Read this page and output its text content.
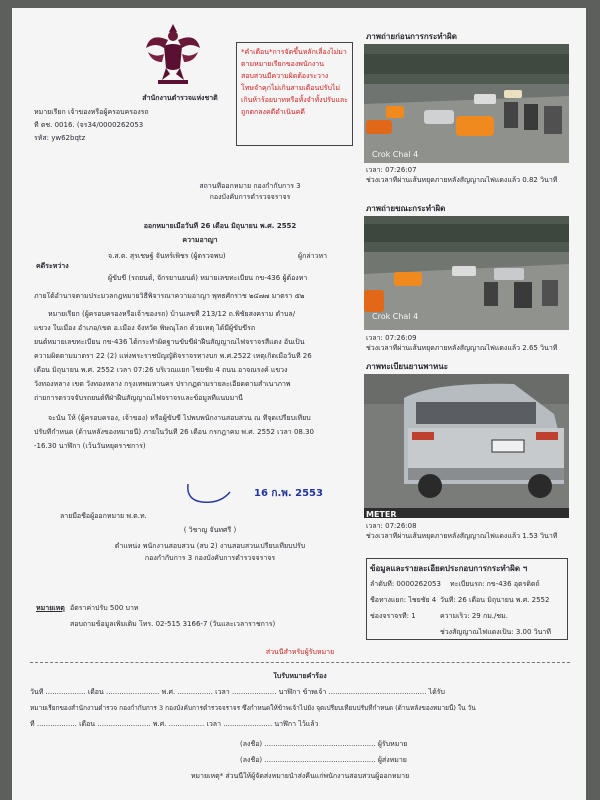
สำนักงานตำรวจแห่งชาติ
หมายเรียก เจ้าของหรือผู้ครอบครองรถ
ที่ ตช. 0016. (จร34/0000262053
รหัส: yw62bqtz
*คำเตือน*การจัดขึ้นหลักเลื่องไม่มาตามหมายเรียกของพนักงานสอบสวนมีความผิดต้องระวางโทษจำคุกไม่เกินสามเดือนปรับไม่เกินห้าร้อยบาทหรือทั้งจำทั้งปรับและถูกตกลงคดีดำเนินคดี
ภาพถ่ายก่อนการกระทำผิด
Crok Chal 4
เวลา: 07:26:07
ช่วงเวลาที่ผ่านเส้นหยุดภายหลังสัญญาณไฟแดงแล้ว 0.82 วินาที
ภาพถ่ายขณะกระทำผิด
Crok Chal 4
เวลา: 07:26:09
ช่วงเวลาที่ผ่านเส้นหยุดภายหลังสัญญาณไฟแดงแล้ว 2.65 วินาที
ภาพทะเบียนยานพาหนะ
METER
เวลา: 07:26:08
ช่วงเวลาที่ผ่านเส้นหยุดภายหลังสัญญาณไฟแดงแล้ว 1.53 วินาที
สถานที่ออกหมาย กองกำกับการ 3
กองบังคับการตำรวจจราจร
ออกหมายเมื่อวันที่ 26 เดือน มิถุนายน พ.ศ. 2552
ความอาญา
คดีระหว่าง
จ.ส.ต. สุรเชษฐ์ จันทร์เพ็ชร (ผู้ตรวจพบ)	ผู้กล่าวหา
ผู้ขับขี่ (รถยนต์, จักรยานยนต์) หมายเลขทะเบียน กข-436 ผู้ต้องหา
ภายใต้อำนาจตามประมวลกฎหมายวิธีพิจารณาความอาญา พุทธศักราช ๒๔๗๗ มาตรา ๕๒
หมายเรียก (ผู้ครอบครองหรือเจ้าของรถ) บ้านเลขที่ 213/12 ถ.พิชัยสงคราม ตำบล/
แขวง ในเมือง อำเภอ/เขต อ.เมือง จังหวัด พิษณุโลก ด้วยเหตุ ได้มีผู้ขับขี่รถ
ยนต์หมายเลขทะเบียน กข-436 ได้กระทำผิดฐานขับขี่ฝ่าฝืนสัญญาณไฟจราจรสีแดง อันเป็น
ความผิดตามมาตรา 22 (2) แห่งพระราชบัญญัติจราจรทางบก พ.ศ.2522 เหตุเกิดเมื่อวันที่ 26
เดือน มิถุนายน พ.ศ. 2552 เวลา 07:26 บริเวณแยก ไชยชัย 4 ถนน อาจณรงค์ แขวง
วังทองหลาง เขต วังทองหลาง กรุงเทพมหานคร ปรากฏตามรายละเอียดตามสำเนาภาพ
ถ่ายการตรวจจับรถยนต์ที่ฝ่าฝืนสัญญาณไฟจราจรและข้อมูลที่แนบมานี้
จะนั้น ให้ (ผู้ครอบครอง, เจ้าของ) หรือผู้ขับขี่ ไปพบพนักงานสอบสวน ณ ที่จุดเปรียบเทียบ
ปรับที่กำหนด (ด้านหลังของหมายนี้) ภายในวันที่ 26 เดือน กรกฎาคม พ.ศ. 2552 เวลา 08.30
-16.30 นาฬิกา (เว้นวันหยุดราชการ)
16 ก.พ. 2553
ลายมือชื่อผู้ออกหมาย พ.ต.ท.
( วิชาญ จันทศรี )
ตำแหน่ง พนักงานสอบสวน (สบ 2) งานสอบสวนเปรียบเทียบปรับ
กองกำกับการ 3 กองบังคับการตำรวจจราจร
หมายเหตุ อัตราค่าปรับ 500 บาท
สอบถามข้อมูลเพิ่มเติม โทร. 02-515 3166-7 (วันและเวลาราชการ)
ข้อมูลและรายละเอียดประกอบการกระทำผิด ฯ
ลำดับที่: 0000262053 ทะเบียนรถ: กข-436 อุตรดิตถ์
ชื่อทางแยก: ไชยชัย 4 วันที่: 26 เดือน มิถุนายน พ.ศ. 2552
ช่องจราจรที่: 1	ความเร็ว: 29 กม./ชม.
ช่วงสัญญาณไฟแดงเป็น: 3.00 วินาที
ส่วนนี้สำหรับผู้รับหมาย
ใบรับหมายคำร้อง
วันที่ .................. เดือน ........................ พ.ศ. ................ เวลา .................... นาฬิกา ข้าพเจ้า ............................................ ได้รับ
หมายเรียกของสำนักงานตำรวจ กองกำกับการ 3 กองบังคับการตำรวจจราจร ซึ่งกำหนดให้ข้าพเจ้าไปยัง จุดเปรียบเทียบปรับที่กำหนด (ด้านหลังของหมายนี้) ใน วัน
ที่ .................. เดือน ........................ พ.ศ. ................ เวลา ...................... นาฬิกา ไว้แล้ว
(ลงชื่อ) .................................................. ผู้รับหมาย
(ลงชื่อ) .................................................. ผู้ส่งหมาย
หมายเหตุ* ส่วนนี้ให้ผู้จัดส่งหมายนำส่งคืนแก่พนักงานสอบสวนผู้ออกหมาย
